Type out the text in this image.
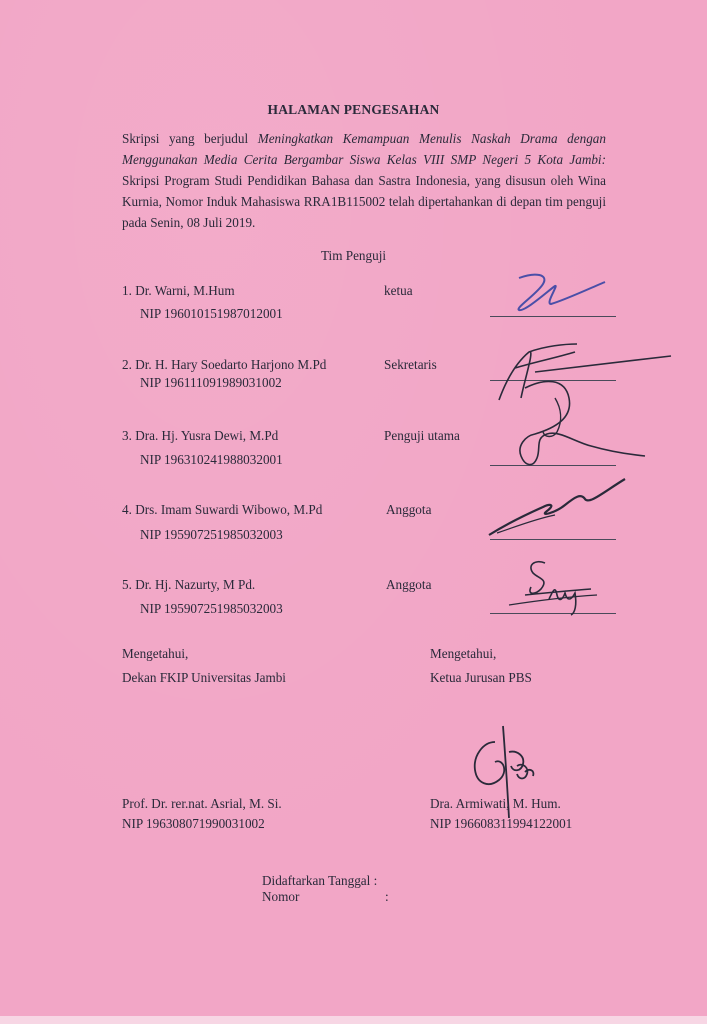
HALAMAN PENGESAHAN
Skripsi yang berjudul Meningkatkan Kemampuan Menulis Naskah Drama dengan Menggunakan Media Cerita Bergambar Siswa Kelas VIII SMP Negeri 5 Kota Jambi: Skripsi Program Studi Pendidikan Bahasa dan Sastra Indonesia, yang disusun oleh Wina Kurnia, Nomor Induk Mahasiswa RRA1B115002 telah dipertahankan di depan tim penguji pada Senin, 08 Juli 2019.
Tim Penguji
1. Dr. Warni, M.Hum
NIP 196010151987012001
ketua
2. Dr. H. Hary Soedarto Harjono M.Pd
NIP 196111091989031002
Sekretaris
3. Dra. Hj. Yusra Dewi, M.Pd
NIP 196310241988032001
Penguji utama
4. Drs. Imam Suwardi Wibowo, M.Pd
NIP 195907251985032003
Anggota
5. Dr. Hj. Nazurty, M Pd.
NIP 195907251985032003
Anggota
Mengetahui,
Dekan FKIP Universitas Jambi
Prof. Dr. rer.nat. Asrial, M. Si.
NIP 196308071990031002
Mengetahui,
Ketua Jurusan PBS
Dra. Armiwati, M. Hum.
NIP 196608311994122001
Didaftarkan Tanggal :
Nomor	:
